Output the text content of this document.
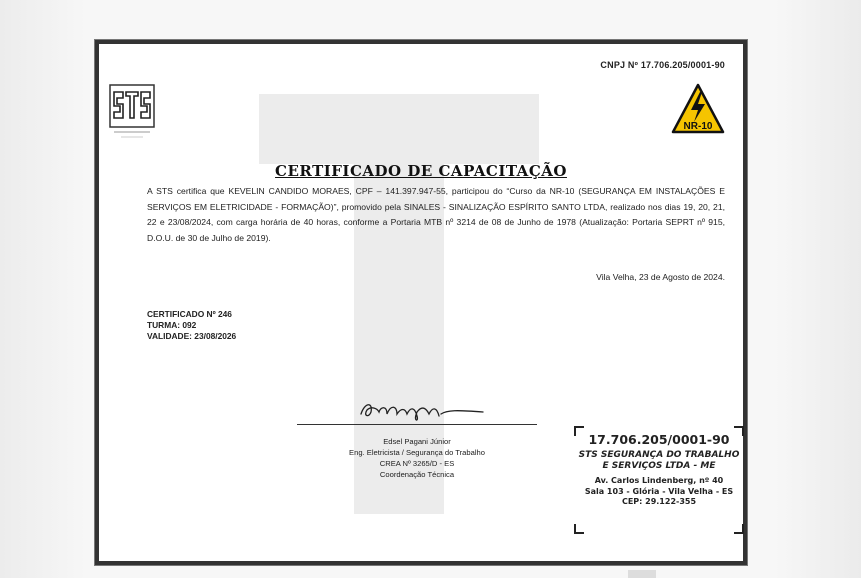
CNPJ Nº 17.706.205/0001-90
NR-10
CERTIFICADO DE CAPACITAÇÃO
A STS certifica que KEVELIN CANDIDO MORAES, CPF – 141.397.947-55, participou do “Curso da NR-10 (SEGURANÇA EM INSTALAÇÕES E SERVIÇOS EM ELETRICIDADE - FORMAÇÃO)”, promovido pela SINALES - SINALIZAÇÃO ESPÍRITO SANTO LTDA, realizado nos dias 19, 20, 21, 22 e 23/08/2024, com carga horária de 40 horas, conforme a Portaria MTB nº 3214 de 08 de Junho de 1978 (Atualização: Portaria SEPRT nº 915, D.O.U. de 30 de Julho de 2019).
Vila Velha, 23 de Agosto de 2024.
CERTIFICADO Nº 246
TURMA: 092
VALIDADE: 23/08/2026
Edsel Pagani Júnior
Eng. Eletricista / Segurança do Trabalho
CREA Nº 3265/D - ES
Coordenação Técnica
17.706.205/0001-90
STS SEGURANÇA DO TRABALHO
E SERVIÇOS LTDA - ME
Av. Carlos Lindenberg, nº 40
Sala 103 - Glória - Vila Velha - ES
CEP: 29.122-355
